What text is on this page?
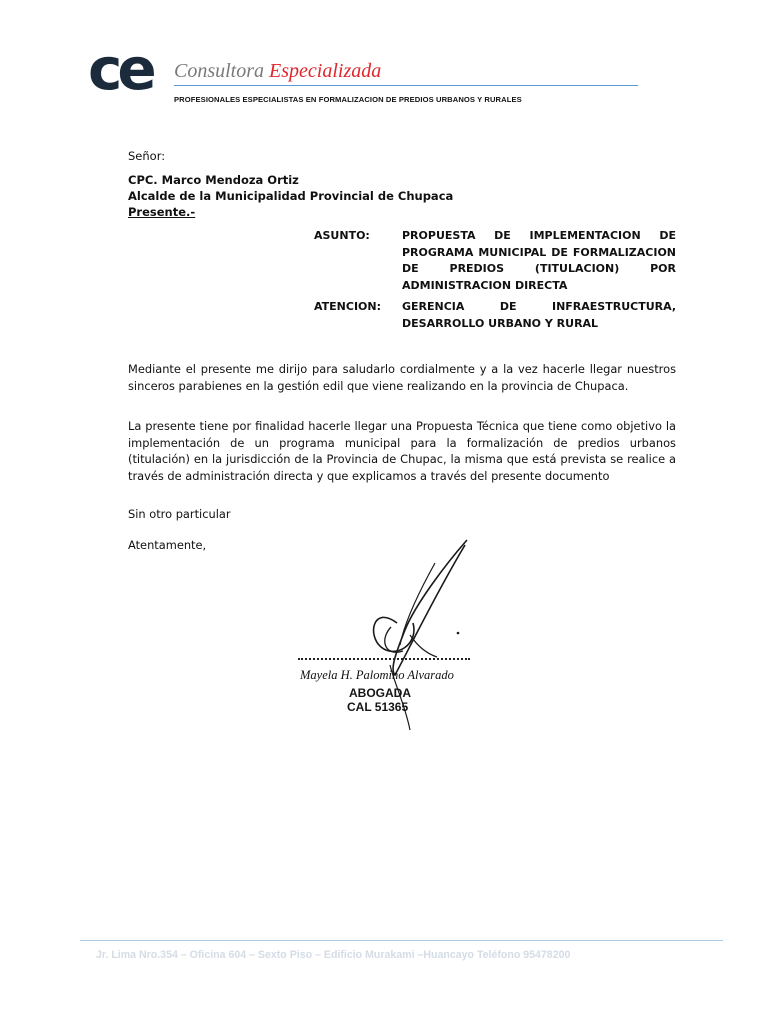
ce Consultora Especializada
PROFESIONALES ESPECIALISTAS EN FORMALIZACION DE PREDIOS URBANOS Y RURALES
Señor:
CPC. Marco Mendoza Ortiz
Alcalde de la Municipalidad Provincial de Chupaca
Presente.-
ASUNTO:	PROPUESTA DE IMPLEMENTACION DE PROGRAMA MUNICIPAL DE FORMALIZACION DE PREDIOS (TITULACION) POR ADMINISTRACION DIRECTA
ATENCION: GERENCIA DE INFRAESTRUCTURA, DESARROLLO URBANO Y RURAL
Mediante el presente me dirijo para saludarlo cordialmente y a la vez hacerle llegar nuestros sinceros parabienes en la gestión edil que viene realizando en la provincia de Chupaca.
La presente tiene por finalidad hacerle llegar una Propuesta Técnica que tiene como objetivo la implementación de un programa municipal para la formalización de predios urbanos (titulación) en la jurisdicción de la Provincia de Chupac, la misma que está prevista se realice a través de administración directa y que explicamos a través del presente documento
Sin otro particular
Atentamente,
Mayela H. Palomino Alvarado
ABOGADA
CAL 51365
Jr. Lima Nro.354 – Oficina 604 – Sexto Piso – Edificio Murakami –Huancayo Teléfono 95478200
